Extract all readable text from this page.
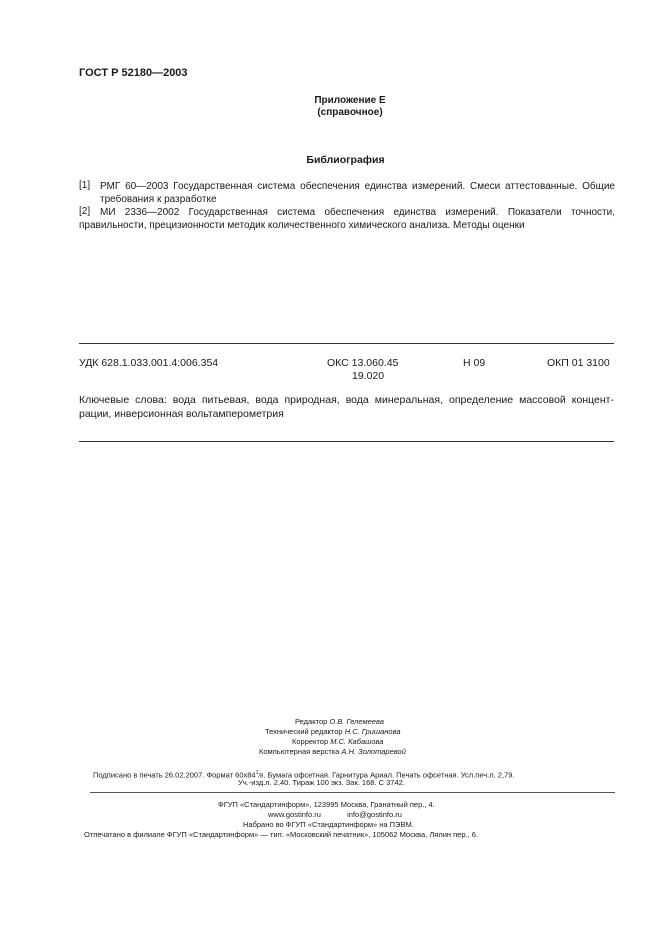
ГОСТ Р 52180—2003
Приложение Е
(справочное)
Библиография
[1] РМГ 60—2003 Государственная система обеспечения единства измерений. Смеси аттестованные. Общие
требования к разработке
[2] МИ 2336—2002 Государственная система обеспечения единства измерений. Показатели точности,
правильности, прецизионности методик количественного химического анализа. Методы оценки
УДК 628.1.033.001.4:006.354	ОКС 13.060.45
19.020
Н 09	ОКП 01 3100
Ключевые слова: вода питьевая, вода природная, вода минеральная, определение массовой концент-
рации, инверсионная вольтамперометрия
Редактор О.В. Гелемеева
Технический редактор Н.С. Гришанова
Корректор М.С. Кабашова
Компьютерная верстка А.Н. Золотаревой
Подписано в печать 26.02.2007. Формат $60x84^1/8$. Бумага офсетная. Гарнитура Ариал. Печать офсетная. Усл.печ.л. 2,79.
Уч.-изд.л. 2,40. Тираж 100 экз. Зак. 168. С 3742.
ФГУП «Стандартинформ», 123995 Москва, Гранатный пер., 4.
www.gostinfo.ru	info@gostinfo.ru
Набрано во ФГУП «Стандартинформ» на ПЭВМ.
Отпечатано в филиале ФГУП «Стандартинформ» — тип. «Московский печатник», 105062 Москва, Лялин пер., 6.
